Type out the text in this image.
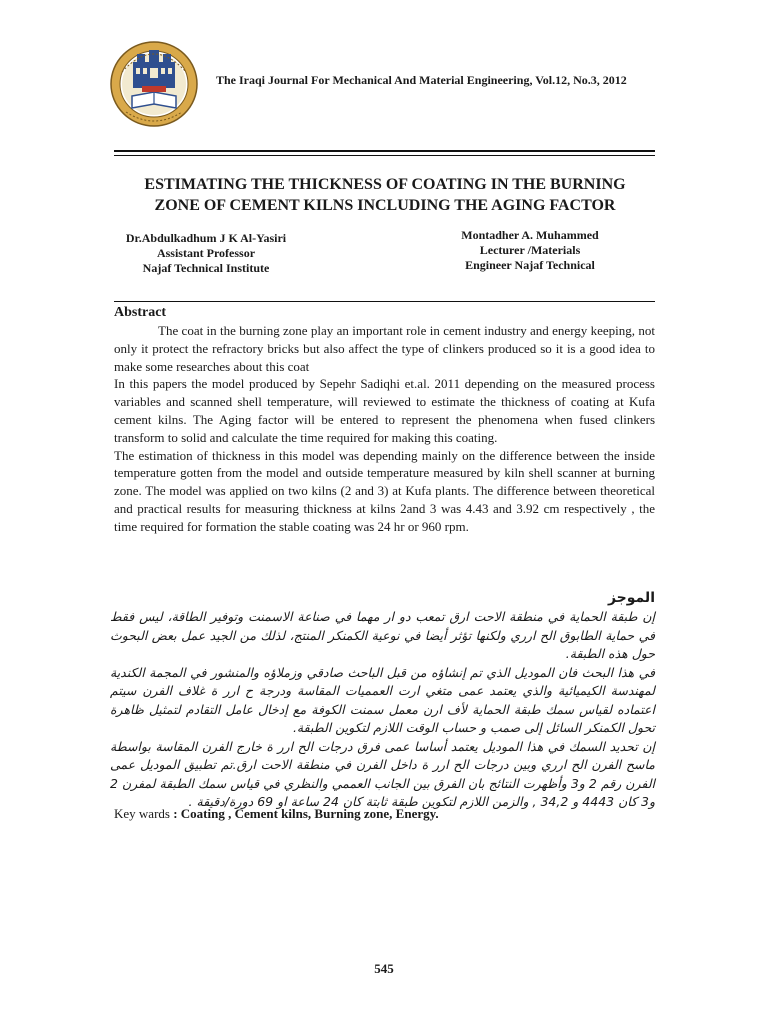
The Iraqi Journal For Mechanical And Material Engineering, Vol.12, No.3, 2012
ESTIMATING THE THICKNESS OF COATING IN THE BURNING
ZONE OF CEMENT KILNS INCLUDING THE AGING FACTOR
Dr.Abdulkadhum J K Al-Yasiri
Assistant Professor
Najaf Technical Institute
Montadher A. Muhammed
Lecturer /Materials
Engineer Najaf Technical
Abstract

The coat in the burning zone play an important role in cement industry and energy keeping, not only it protect the refractory bricks but also affect the type of clinkers produced so it is a good idea to make some researches about this coat

In this papers the model produced by Sepehr Sadiqhi et.al. 2011 depending on the measured process variables and scanned shell temperature, will reviewed to estimate the thickness of coating at Kufa cement kilns. The Aging factor will be entered to represent the phenomena when fused clinkers transform to solid and calculate the time required for making this coating.

The estimation of thickness in this model was depending mainly on the difference between the inside temperature gotten from the model and outside temperature measured by kiln shell scanner at burning zone. The model was applied on two kilns (2 and 3) at Kufa plants. The difference between theoretical and practical results for measuring thickness at kilns 2and 3 was 4.43 and 3.92 cm respectively , the time required for formation the stable coating was 24 hr or 960 rpm.

الموجز

إن طبقة الحماية في منطقة الاحت ارق تمعب دو ار مهما في صناعة الاسمنت وتوفير الطاقة، ليس فقط في حماية الطابوق الح ارري ولكنها تؤثر أيضا في نوعية الكمنكر المنتج، لذلك من الجيد عمل بعض البحوث حول هذه الطبقة.

في هذا البحث فان الموديل الذي تم إنشاؤه من قبل الباحث صادقي وزملاؤه والمنشور في المجمة الكندية لمهندسة الكيميائية والذي يعتمد عمى متغي ارت العمميات المقاسة ودرجة ح ارر ة غلاف الفرن سيتم اعتماده لقياس سمك طبقة الحماية لأف ارن معمل سمنت الكوفة مع إدخال عامل التقادم لتمثيل ظاهرة تحول الكمنكر السائل إلى صمب و حساب الوقت اللازم لتكوين الطبقة.

إن تحديد السمك في هذا الموديل يعتمد أساسا عمى فرق درجات الح ارر ة خارج الفرن المقاسة بواسطة ماسح الفرن الح ارري وبين درجات الح ارر ة داخل الفرن في منطقة الاحت ارق.تم تطبيق الموديل عمى الفرن رقم 2 و3 وأظهرت النتائج بان الفرق بين الجانب العممي والنظري في قياس سمك الطبقة لمفرن 2 و3 كان 4443 و 34,2 , والزمن اللازم لتكوين طبقة ثابتة كان 24 ساعة او 69 دورة/دقيقة .

Key wards : Coating , Cement kilns, Burning zone, Energy.
545
